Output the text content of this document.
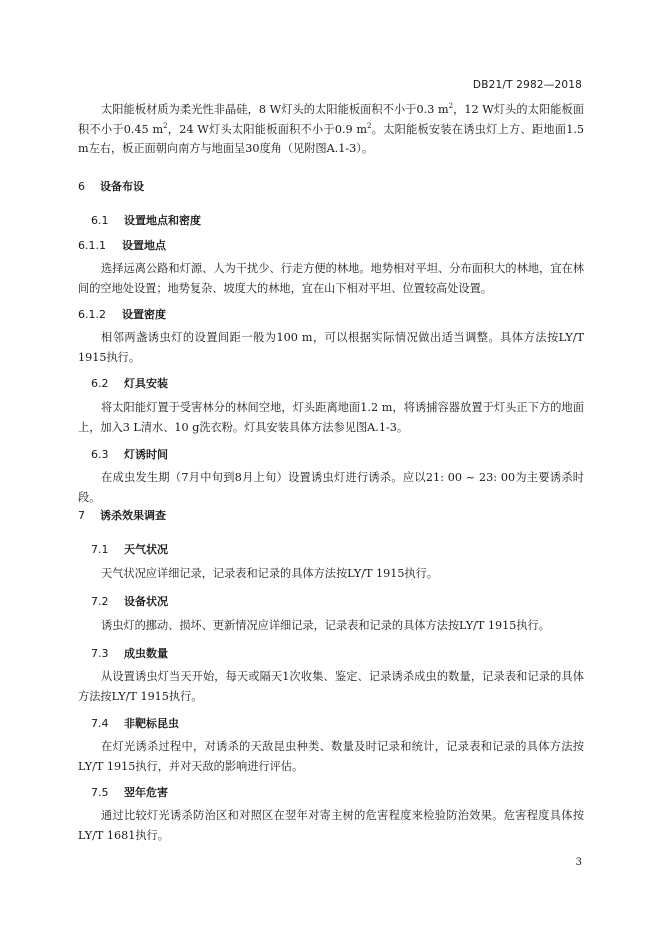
DB21/T 2982—2018

太阳能板材质为柔光性非晶硅，8 W灯头的太阳能板面积不小于0.3 $m^2$，12 W灯头的太阳能板面积不小于0.45 $m^2$，24 W灯头太阳能板面积不小于0.9 $m^2$。太阳能板安装在诱虫灯上方、距地面1.5 m左右，板正面朝向南方与地面呈30度角（见附图A.1-3）。

6 设备布设
6.1 设置地点和密度
6.1.1 设置地点

选择远离公路和灯源、人为干扰少、行走方便的林地。地势相对平坦、分布面积大的林地，宜在林间的空地处设置；地势复杂、坡度大的林地，宜在山下相对平坦、位置较高处设置。

6.1.2 设置密度

相邻两盏诱虫灯的设置间距一般为100 m，可以根据实际情况做出适当调整。具体方法按LY/T 1915执行。

6.2 灯具安装

将太阳能灯置于受害林分的林间空地，灯头距离地面1.2 m，将诱捕容器放置于灯头正下方的地面上，加入3 L清水、10 g洗衣粉。灯具安装具体方法参见图A.1-3。

6.3 灯诱时间

在成虫发生期（7月中旬到8月上旬）设置诱虫灯进行诱杀。应以21: 00 ~ 23: 00为主要诱杀时段。

7 诱杀效果调查
7.1 天气状况

天气状况应详细记录，记录表和记录的具体方法按LY/T 1915执行。

7.2 设备状况

诱虫灯的挪动、损坏、更新情况应详细记录，记录表和记录的具体方法按LY/T 1915执行。

7.3 成虫数量

从设置诱虫灯当天开始，每天或隔天1次收集、鉴定、记录诱杀成虫的数量，记录表和记录的具体方法按LY/T 1915执行。

7.4 非靶标昆虫

在灯光诱杀过程中，对诱杀的天敌昆虫种类、数量及时记录和统计，记录表和记录的具体方法按LY/T 1915执行，并对天敌的影响进行评估。

7.5 翌年危害

通过比较灯光诱杀防治区和对照区在翌年对寄主树的危害程度来检验防治效果。危害程度具体按LY/T 1681执行。

3
